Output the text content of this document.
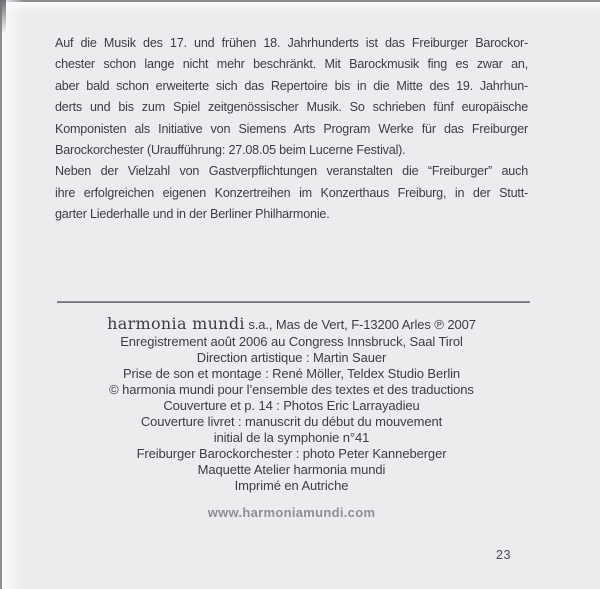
Auf die Musik des 17. und frühen 18. Jahrhunderts ist das Freiburger Barockor-
chester schon lange nicht mehr beschränkt. Mit Barockmusik fing es zwar an,
aber bald schon erweiterte sich das Repertoire bis in die Mitte des 19. Jahrhun-
derts und bis zum Spiel zeitgenössischer Musik. So schrieben fünf europäische
Komponisten als Initiative von Siemens Arts Program Werke für das Freiburger
Barockorchester (Uraufführung: 27.08.05 beim Lucerne Festival).
Neben der Vielzahl von Gastverpflichtungen veranstalten die “Freiburger” auch
ihre erfolgreichen eigenen Konzertreihen im Konzerthaus Freiburg, in der Stutt-
garter Liederhalle und in der Berliner Philharmonie.
harmonia mundi s.a., Mas de Vert, F-13200 Arles ℗ 2007
Enregistrement août 2006 au Congress Innsbruck, Saal Tirol
Direction artistique : Martin Sauer
Prise de son et montage : René Möller, Teldex Studio Berlin
© harmonia mundi pour l’ensemble des textes et des traductions
Couverture et p. 14 : Photos Eric Larrayadieu
Couverture livret : manuscrit du début du mouvement
initial de la symphonie n°41
Freiburger Barockorchester : photo Peter Kanneberger
Maquette Atelier harmonia mundi
Imprimé en Autriche
www.harmoniamundi.com
23
